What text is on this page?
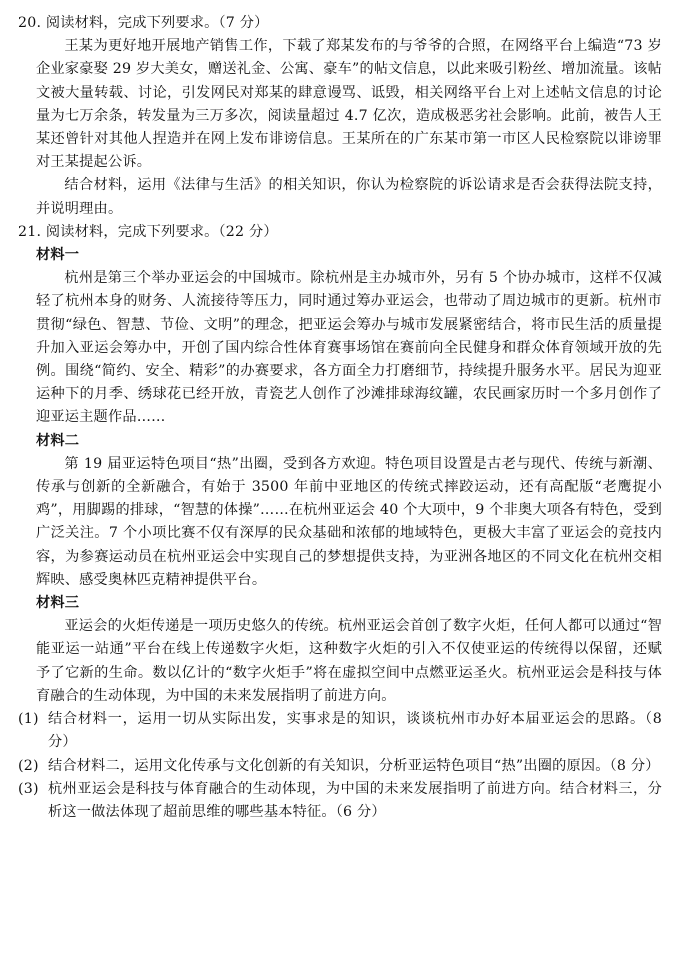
20. 阅读材料，完成下列要求。（7 分）

王某为更好地开展地产销售工作，下载了郑某发布的与爷爷的合照，在网络平台上编造“73 岁企业家豪娶 29 岁大美女，赠送礼金、公寓、豪车”的帖文信息，以此来吸引粉丝、增加流量。该帖文被大量转载、讨论，引发网民对郑某的肆意谩骂、诋毁，相关网络平台上对上述帖文信息的讨论量为七万余条，转发量为三万多次，阅读量超过 4.7 亿次，造成极恶劣社会影响。此前，被告人王某还曾针对其他人捏造并在网上发布诽谤信息。王某所在的广东某市第一市区人民检察院以诽谤罪对王某提起公诉。

结合材料，运用《法律与生活》的相关知识，你认为检察院的诉讼请求是否会获得法院支持，并说明理由。

21. 阅读材料，完成下列要求。（22 分）

材料一

杭州是第三个举办亚运会的中国城市。除杭州是主办城市外，另有 5 个协办城市，这样不仅减轻了杭州本身的财务、人流接待等压力，同时通过筹办亚运会，也带动了周边城市的更新。杭州市贯彻“绿色、智慧、节俭、文明”的理念，把亚运会筹办与城市发展紧密结合，将市民生活的质量提升加入亚运会筹办中，开创了国内综合性体育赛事场馆在赛前向全民健身和群众体育领域开放的先例。围绕“简约、安全、精彩”的办赛要求，各方面全力打磨细节，持续提升服务水平。居民为迎亚运种下的月季、绣球花已经开放，青瓷艺人创作了沙滩排球海纹罐，农民画家历时一个多月创作了迎亚运主题作品……

材料二

第 19 届亚运特色项目“热”出圈，受到各方欢迎。特色项目设置是古老与现代、传统与新潮、传承与创新的全新融合，有始于 3500 年前中亚地区的传统式摔跤运动，还有高配版“老鹰捉小鸡”，用脚踢的排球，“智慧的体操”……在杭州亚运会 40 个大项中，9 个非奥大项各有特色，受到广泛关注。7 个小项比赛不仅有深厚的民众基础和浓郁的地域特色，更极大丰富了亚运会的竞技内容，为参赛运动员在杭州亚运会中实现自己的梦想提供支持，为亚洲各地区的不同文化在杭州交相辉映、感受奥林匹克精神提供平台。

材料三

亚运会的火炬传递是一项历史悠久的传统。杭州亚运会首创了数字火炬，任何人都可以通过“智能亚运一站通”平台在线上传递数字火炬，这种数字火炬的引入不仅使亚运的传统得以保留，还赋予了它新的生命。数以亿计的“数字火炬手”将在虚拟空间中点燃亚运圣火。杭州亚运会是科技与体育融合的生动体现，为中国的未来发展指明了前进方向。

(1) 结合材料一，运用一切从实际出发，实事求是的知识，谈谈杭州市办好本届亚运会的思路。（8 分）
(2) 结合材料二，运用文化传承与文化创新的有关知识，分析亚运特色项目“热”出圈的原因。（8 分）
(3) 杭州亚运会是科技与体育融合的生动体现，为中国的未来发展指明了前进方向。结合材料三，分析这一做法体现了超前思维的哪些基本特征。（6 分）
